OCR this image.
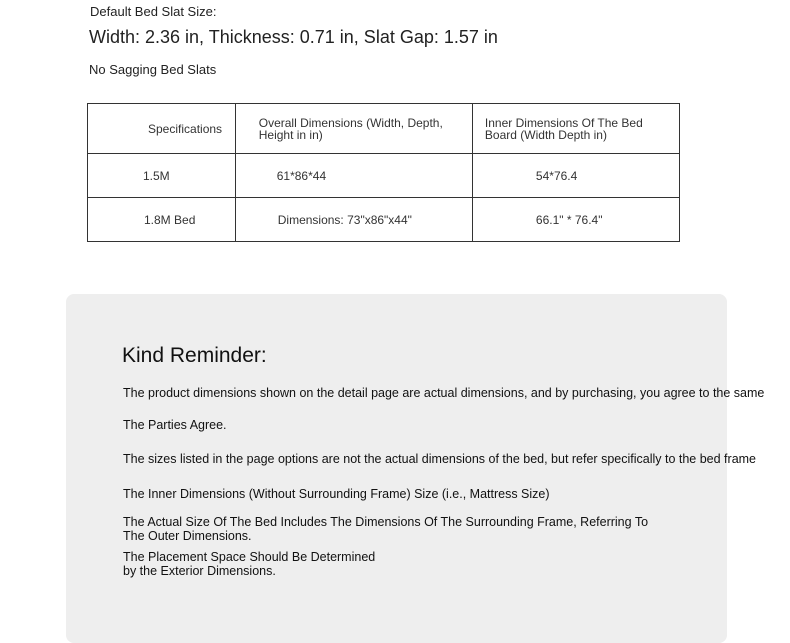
Default Bed Slat Size:
Width: 2.36 in, Thickness: 0.71 in, Slat Gap: 1.57 in
No Sagging Bed Slats
Specifications	Overall Dimensions (Width, Depth, Height in in)	Inner Dimensions Of The Bed Board (Width Depth in)

1.5M	61*86*44	54*76.4
1.8M Bed	Dimensions: 73"x86"x44"	66.1" * 76.4"
Kind Reminder:
The product dimensions shown on the detail page are actual dimensions, and by purchasing, you agree to the same
The Parties Agree.
The sizes listed in the page options are not the actual dimensions of the bed, but refer specifically to the bed frame
The Inner Dimensions (Without Surrounding Frame) Size (i.e., Mattress Size)
The Actual Size Of The Bed Includes The Dimensions Of The Surrounding Frame, Referring To
The Outer Dimensions.
The Placement Space Should Be Determined
by the Exterior Dimensions.
